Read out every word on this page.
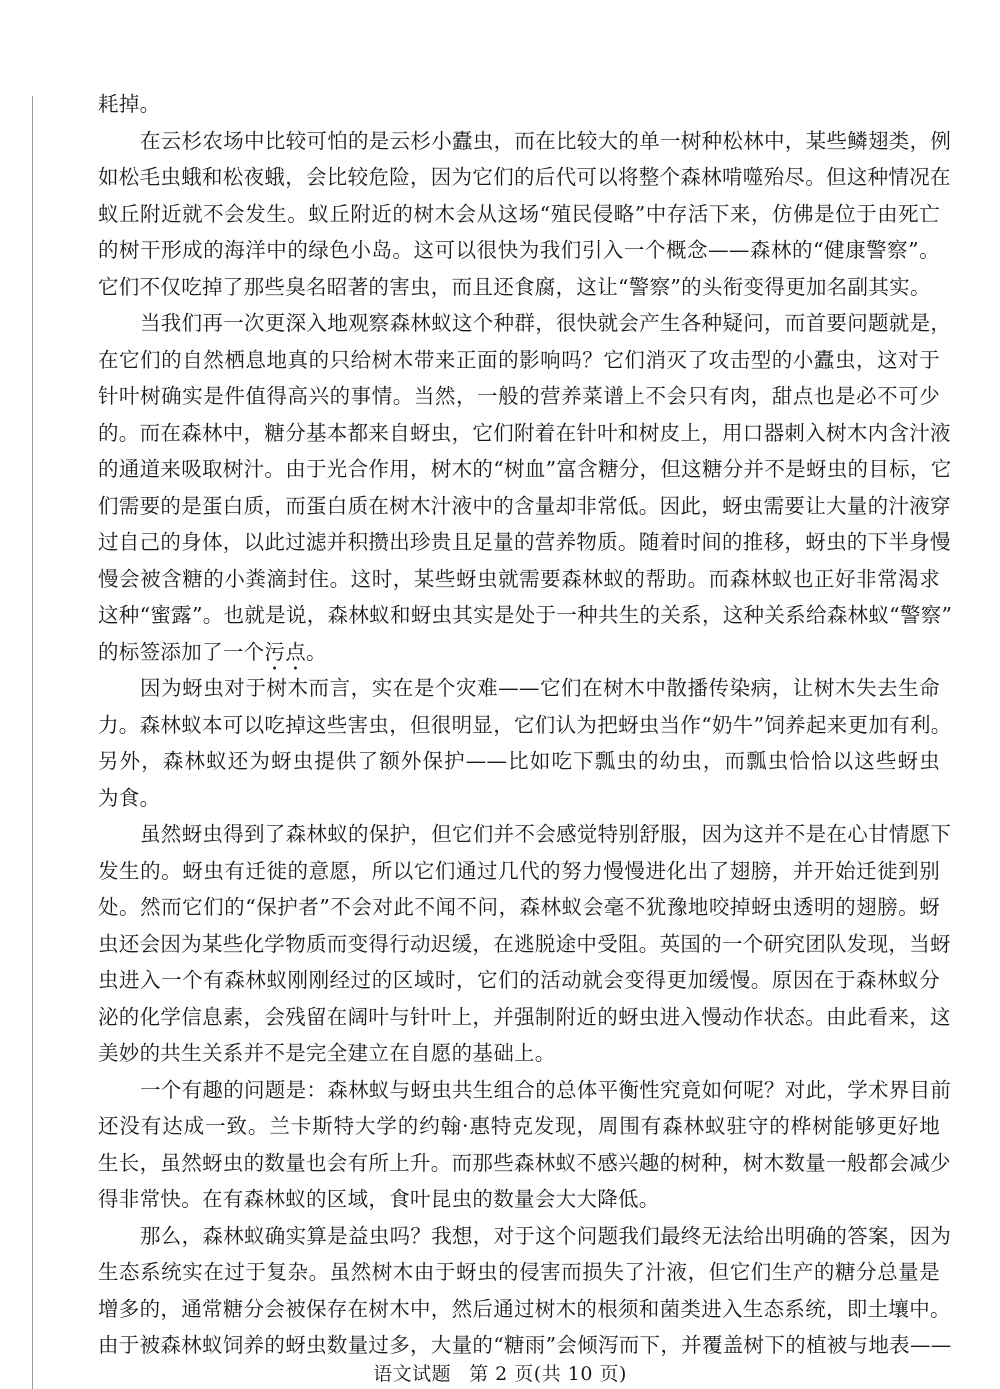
耗掉。
在云杉农场中比较可怕的是云杉小蠹虫，而在比较大的单一树种松林中，某些鳞翅类，例
如松毛虫蛾和松夜蛾，会比较危险，因为它们的后代可以将整个森林啃噬殆尽。但这种情况在
蚁丘附近就不会发生。蚁丘附近的树木会从这场“殖民侵略”中存活下来，仿佛是位于由死亡
的树干形成的海洋中的绿色小岛。这可以很快为我们引入一个概念——森林的“健康警察”。
它们不仅吃掉了那些臭名昭著的害虫，而且还食腐，这让“警察”的头衔变得更加名副其实。
当我们再一次更深入地观察森林蚁这个种群，很快就会产生各种疑问，而首要问题就是，
在它们的自然栖息地真的只给树木带来正面的影响吗？它们消灭了攻击型的小蠹虫，这对于
针叶树确实是件值得高兴的事情。当然，一般的营养菜谱上不会只有肉，甜点也是必不可少
的。而在森林中，糖分基本都来自蚜虫，它们附着在针叶和树皮上，用口器刺入树木内含汁液
的通道来吸取树汁。由于光合作用，树木的“树血”富含糖分，但这糖分并不是蚜虫的目标，它
们需要的是蛋白质，而蛋白质在树木汁液中的含量却非常低。因此，蚜虫需要让大量的汁液穿
过自己的身体，以此过滤并积攒出珍贵且足量的营养物质。随着时间的推移，蚜虫的下半身慢
慢会被含糖的小粪滴封住。这时，某些蚜虫就需要森林蚁的帮助。而森林蚁也正好非常渴求
这种“蜜露”。也就是说，森林蚁和蚜虫其实是处于一种共生的关系，这种关系给森林蚁“警察”
的标签添加了一个污点。
因为蚜虫对于树木而言，实在是个灾难——它们在树木中散播传染病，让树木失去生命
力。森林蚁本可以吃掉这些害虫，但很明显，它们认为把蚜虫当作“奶牛”饲养起来更加有利。
另外，森林蚁还为蚜虫提供了额外保护——比如吃下瓢虫的幼虫，而瓢虫恰恰以这些蚜虫
为食。
虽然蚜虫得到了森林蚁的保护，但它们并不会感觉特别舒服，因为这并不是在心甘情愿下
发生的。蚜虫有迁徙的意愿，所以它们通过几代的努力慢慢进化出了翅膀，并开始迁徙到别
处。然而它们的“保护者”不会对此不闻不问，森林蚁会毫不犹豫地咬掉蚜虫透明的翅膀。蚜
虫还会因为某些化学物质而变得行动迟缓，在逃脱途中受阻。英国的一个研究团队发现，当蚜
虫进入一个有森林蚁刚刚经过的区域时，它们的活动就会变得更加缓慢。原因在于森林蚁分
泌的化学信息素，会残留在阔叶与针叶上，并强制附近的蚜虫进入慢动作状态。由此看来，这
美妙的共生关系并不是完全建立在自愿的基础上。
一个有趣的问题是：森林蚁与蚜虫共生组合的总体平衡性究竟如何呢？对此，学术界目前
还没有达成一致。兰卡斯特大学的约翰·惠特克发现，周围有森林蚁驻守的桦树能够更好地
生长，虽然蚜虫的数量也会有所上升。而那些森林蚁不感兴趣的树种，树木数量一般都会减少
得非常快。在有森林蚁的区域，食叶昆虫的数量会大大降低。
那么，森林蚁确实算是益虫吗？我想，对于这个问题我们最终无法给出明确的答案，因为
生态系统实在过于复杂。虽然树木由于蚜虫的侵害而损失了汁液，但它们生产的糖分总量是
增多的，通常糖分会被保存在树木中，然后通过树木的根须和菌类进入生态系统，即土壤中。
由于被森林蚁饲养的蚜虫数量过多，大量的“糖雨”会倾泻而下，并覆盖树下的植被与地表——
语文试题 第 2 页(共 10 页)
